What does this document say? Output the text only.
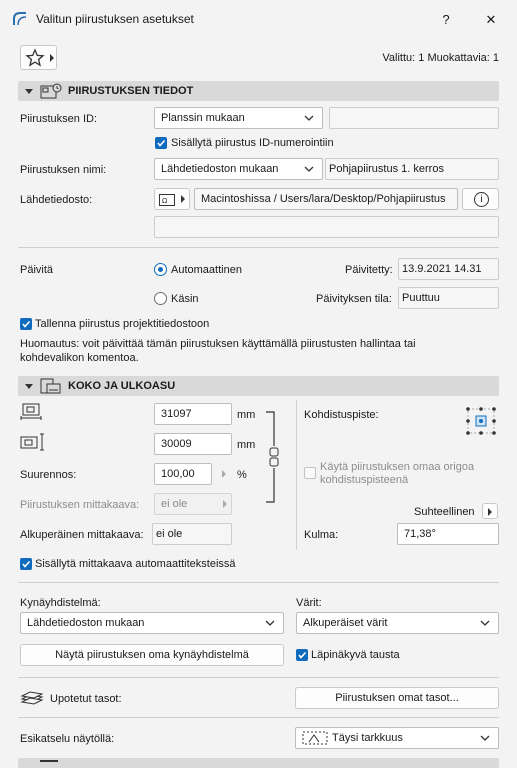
Valitun piirustuksen asetukset	?	✕
Valittu: 1 Muokattavia: 1
PIIRUSTUKSEN TIEDOT
Piirustuksen ID:	Planssin mukaan
Sisällytä piirustus ID-numerointiin
Piirustuksen nimi:	Lähdetiedoston mukaan	Pohjapiirustus 1. kerros
Lähdetiedosto:	Ω	Macintoshissa / Users/lara/Desktop/Pohjapiirustus	i
Päivitä	Automaattinen
Käsin
Päivitetty: 13.9.2021 14.31
Päivityksen tila: Puuttuu
Tallenna piirustus projektitiedostoon
Huomautus: voit päivittää tämän piirustuksen käyttämällä piirustusten hallintaa tai kohdevalikon komentoa.
KOKO JA ULKOASU
31097	mm
30009	mm
Suurennos:	100,00	%
Piirustuksen mittakaava:	ei ole
Alkuperäinen mittakaava:	ei ole
Kohdistuspiste:
Käytä piirustuksen omaa origoa kohdistuspisteenä
Suhteellinen
Kulma:	71,38°
Sisällytä mittakaava automaattiteksteissä
Kynäyhdistelmä:
Lähdetiedoston mukaan
Värit:
Alkuperäiset värit
Näytä piirustuksen oma kynäyhdistelmä	Läpinäkyvä tausta
Upotetut tasot:	Piirustuksen omat tasot...
Esikatselu näytöllä:	Täysi tarkkuus
